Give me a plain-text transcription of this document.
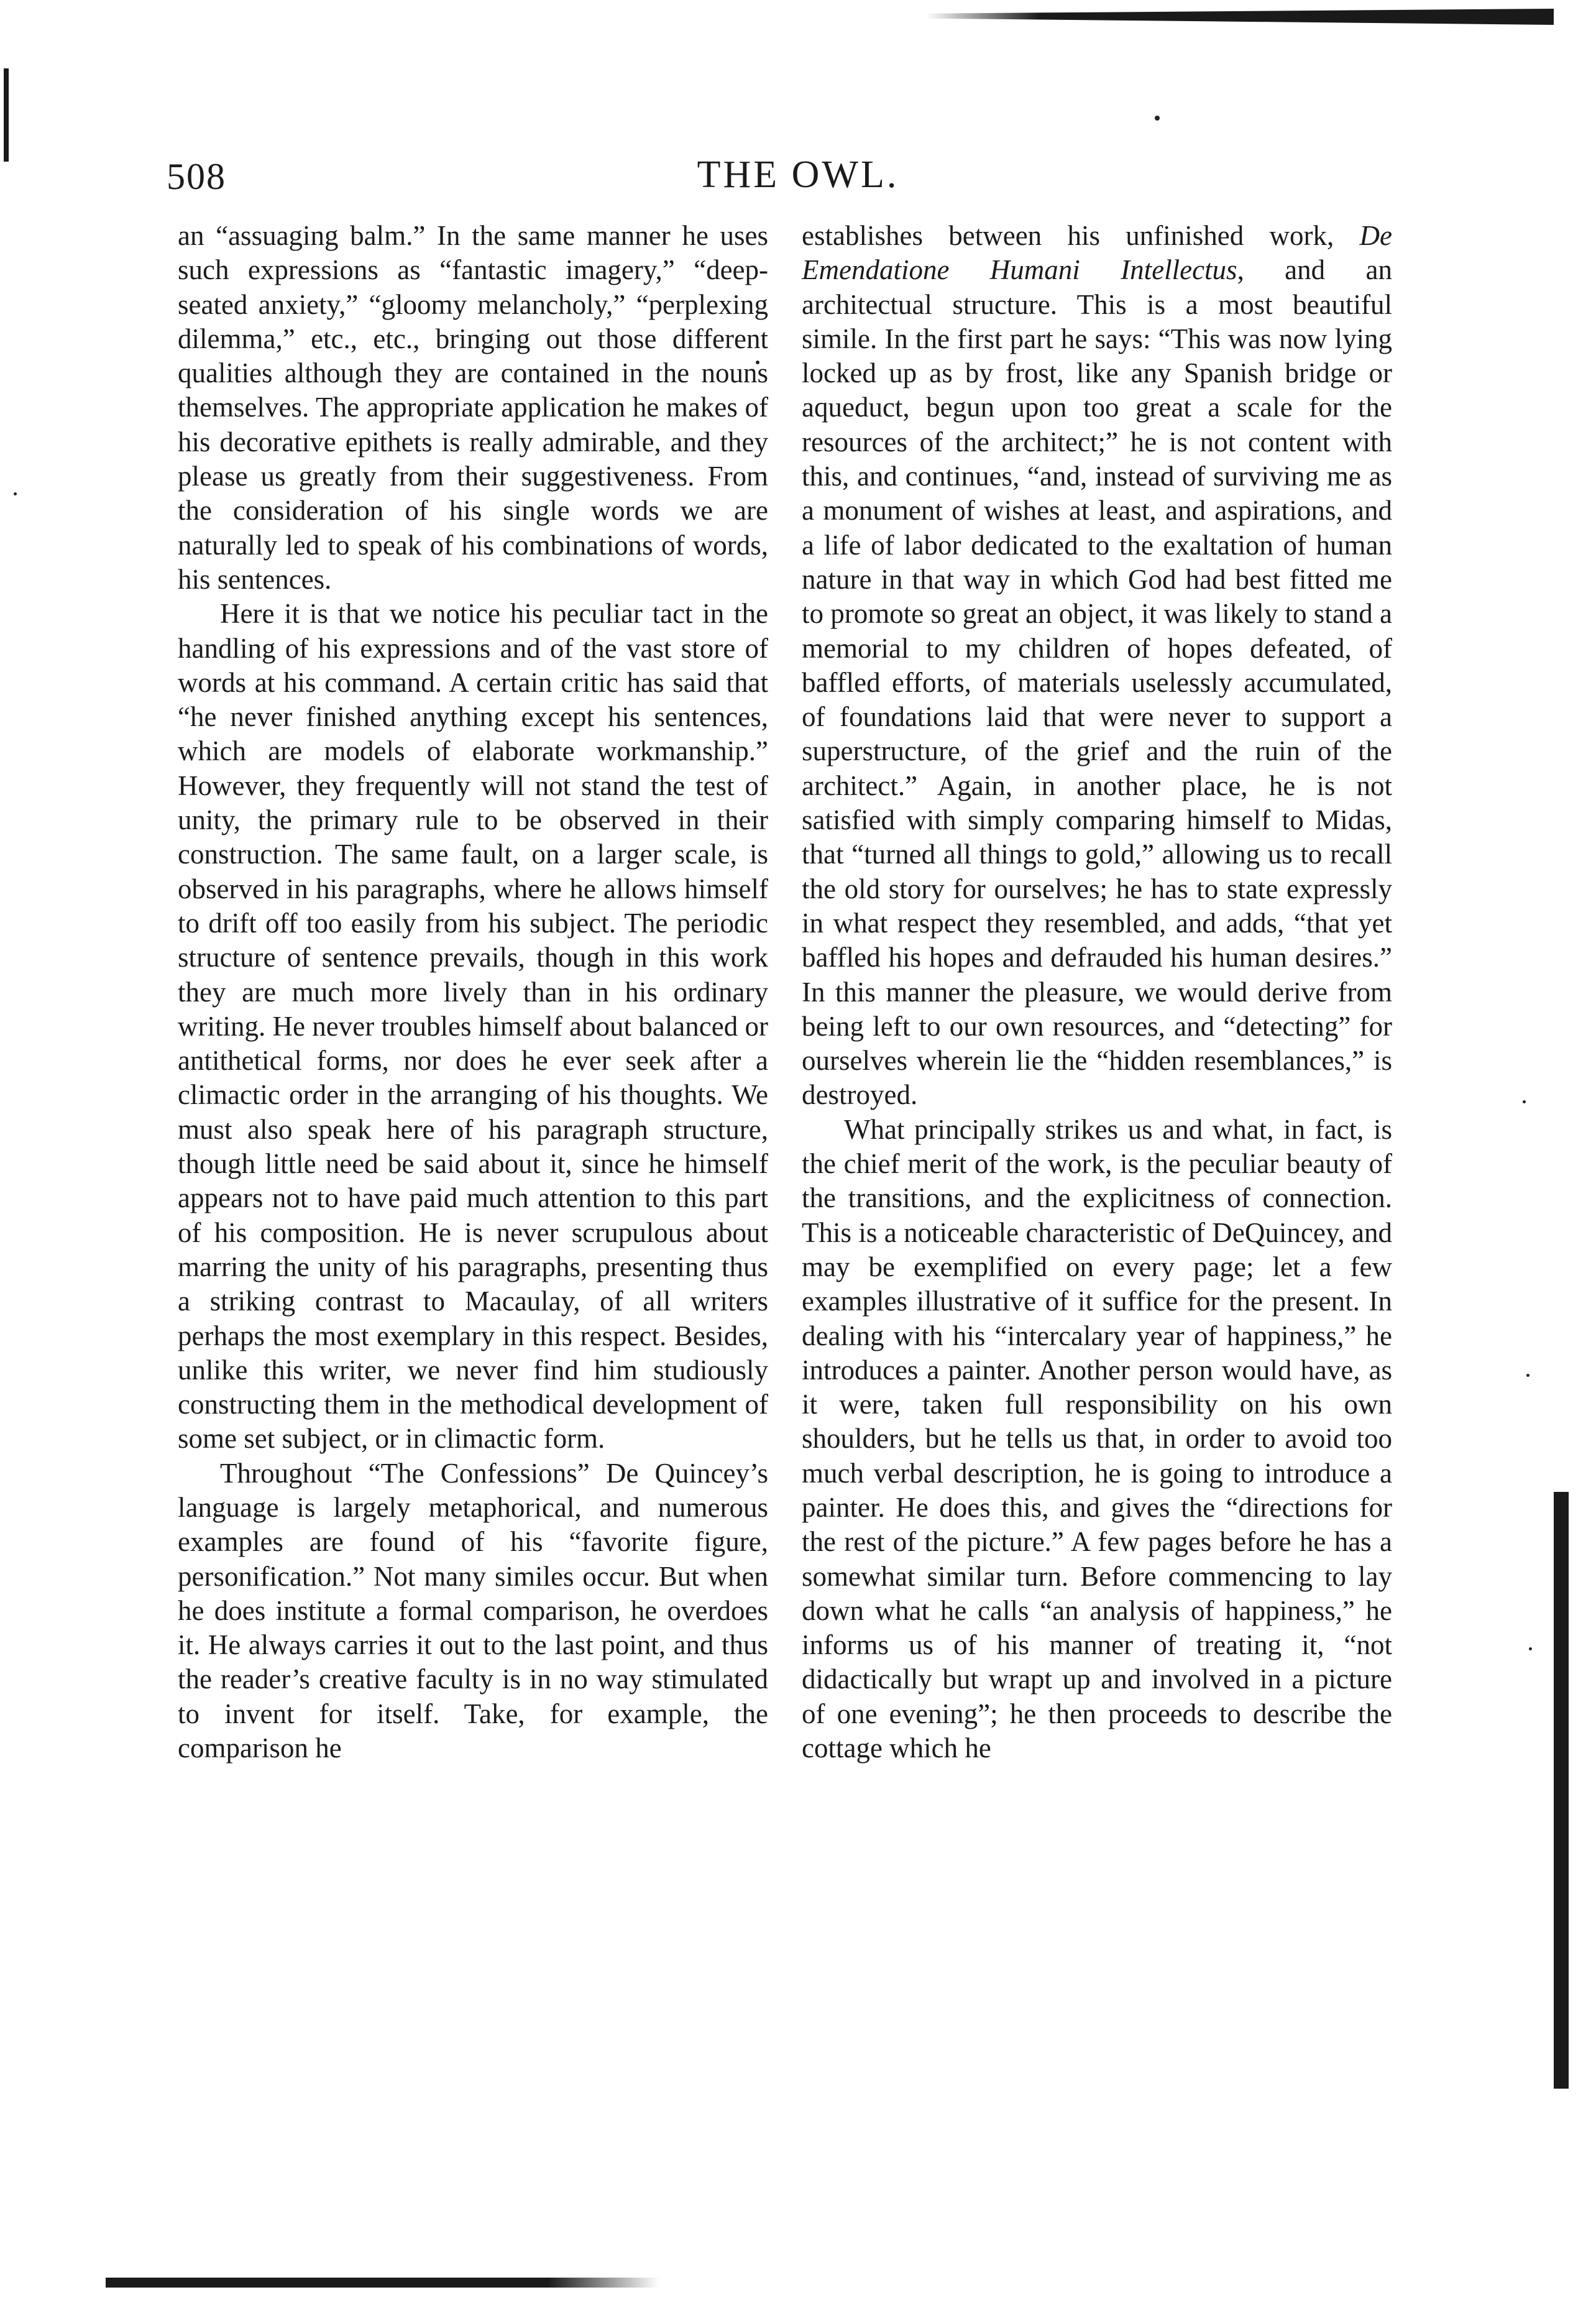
508	THE OWL.

an “assuaging balm.” In the same manner he uses such expressions as “fantastic imagery,” “deep-seated anxiety,” “gloomy melancholy,” “perplexing dilemma,” etc., etc., bringing out those different qualities although they are contained in the nouns themselves. The appropriate application he makes of his decorative epithets is really admirable, and they please us greatly from their suggestiveness. From the consideration of his single words we are naturally led to speak of his combinations of words, his sentences.

Here it is that we notice his peculiar tact in the handling of his expressions and of the vast store of words at his command. A certain critic has said that “he never finished anything except his sentences, which are models of elaborate workmanship.” However, they frequently will not stand the test of unity, the primary rule to be observed in their construction. The same fault, on a larger scale, is observed in his paragraphs, where he allows himself to drift off too easily from his subject. The periodic structure of sentence prevails, though in this work they are much more lively than in his ordinary writing. He never troubles himself about balanced or antithetical forms, nor does he ever seek after a climactic order in the arranging of his thoughts. We must also speak here of his paragraph structure, though little need be said about it, since he himself appears not to have paid much attention to this part of his composition. He is never scrupulous about marring the unity of his paragraphs, presenting thus a striking contrast to Macaulay, of all writers perhaps the most exemplary in this respect. Besides, unlike this writer, we never find him studiously constructing them in the methodical development of some set subject, or in climactic form.

Throughout “The Confessions” De Quincey’s language is largely metaphorical, and numerous examples are found of his “favorite figure, personification.” Not many similes occur. But when he does institute a formal comparison, he overdoes it. He always carries it out to the last point, and thus the reader’s creative faculty is in no way stimulated to invent for itself. Take, for example, the comparison he

establishes between his unfinished work, De Emendatione Humani Intellectus, and an architectual structure. This is a most beautiful simile. In the first part he says: “This was now lying locked up as by frost, like any Spanish bridge or aqueduct, begun upon too great a scale for the resources of the architect;” he is not content with this, and continues, “and, instead of surviving me as a monument of wishes at least, and aspirations, and a life of labor dedicated to the exaltation of human nature in that way in which God had best fitted me to promote so great an object, it was likely to stand a memorial to my children of hopes defeated, of baffled efforts, of materials uselessly accumulated, of foundations laid that were never to support a superstructure, of the grief and the ruin of the architect.” Again, in another place, he is not satisfied with simply comparing himself to Midas, that “turned all things to gold,” allowing us to recall the old story for ourselves; he has to state expressly in what respect they resembled, and adds, “that yet baffled his hopes and defrauded his human desires.” In this manner the pleasure, we would derive from being left to our own resources, and “detecting” for ourselves wherein lie the “hidden resemblances,” is destroyed.

What principally strikes us and what, in fact, is the chief merit of the work, is the peculiar beauty of the transitions, and the explicitness of connection. This is a noticeable characteristic of DeQuincey, and may be exemplified on every page; let a few examples illustrative of it suffice for the present. In dealing with his “intercalary year of happiness,” he introduces a painter. Another person would have, as it were, taken full responsibility on his own shoulders, but he tells us that, in order to avoid too much verbal description, he is going to introduce a painter. He does this, and gives the “directions for the rest of the picture.” A few pages before he has a somewhat similar turn. Before commencing to lay down what he calls “an analysis of happiness,” he informs us of his manner of treating it, “not didactically but wrapt up and involved in a picture of one evening”; he then proceeds to describe the cottage which he
